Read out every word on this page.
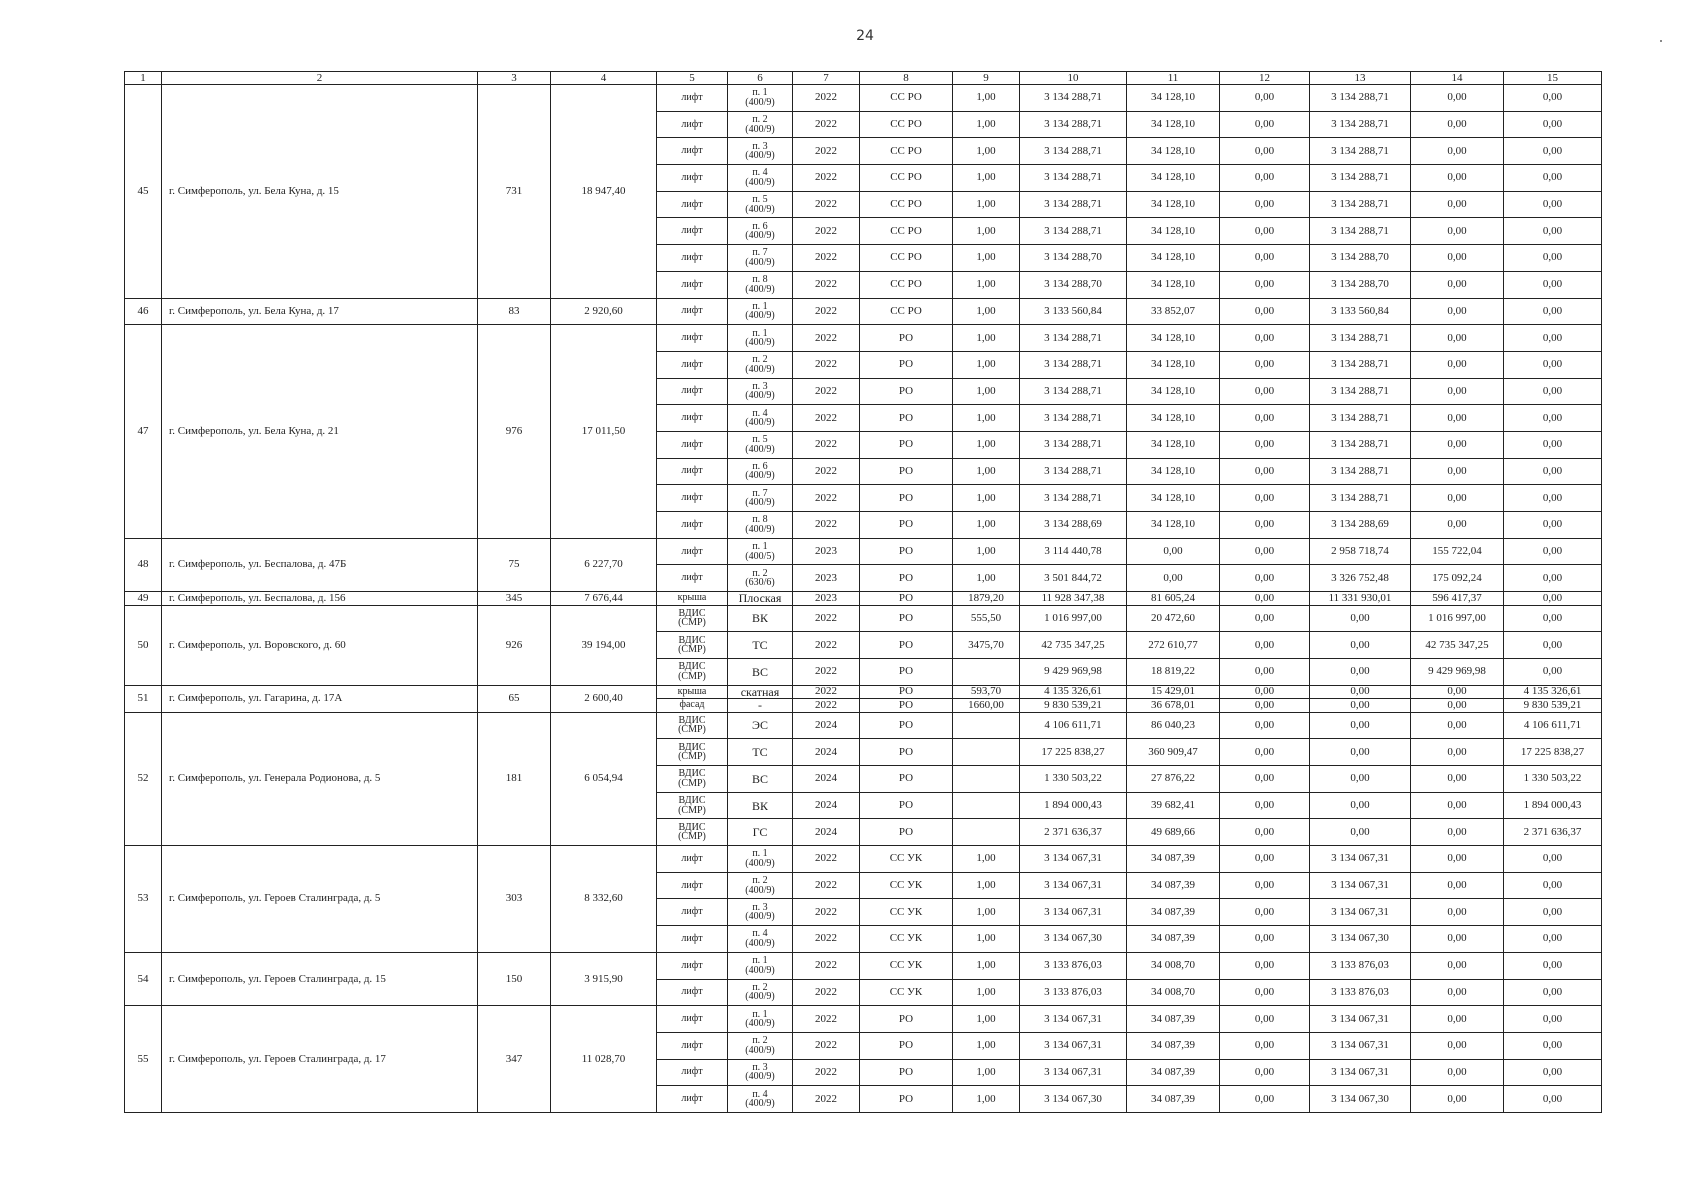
24
1	2	3	4	5	6	7	8	9	10	11	12	13	14	15
45	г. Симферополь, ул. Бела Куна, д. 15	731	18 947,40	лифт	п. 1
(400/9)	2022	СС РО	1,00	3 134 288,71	34 128,10	0,00	3 134 288,71	0,00	0,00
				лифт	п. 2
(400/9)	2022	СС РО	1,00	3 134 288,71	34 128,10	0,00	3 134 288,71	0,00	0,00
				лифт	п. 3
(400/9)	2022	СС РО	1,00	3 134 288,71	34 128,10	0,00	3 134 288,71	0,00	0,00
				лифт	п. 4
(400/9)	2022	СС РО	1,00	3 134 288,71	34 128,10	0,00	3 134 288,71	0,00	0,00
				лифт	п. 5
(400/9)	2022	СС РО	1,00	3 134 288,71	34 128,10	0,00	3 134 288,71	0,00	0,00
				лифт	п. 6
(400/9)	2022	СС РО	1,00	3 134 288,71	34 128,10	0,00	3 134 288,71	0,00	0,00
				лифт	п. 7
(400/9)	2022	СС РО	1,00	3 134 288,70	34 128,10	0,00	3 134 288,70	0,00	0,00
				лифт	п. 8
(400/9)	2022	СС РО	1,00	3 134 288,70	34 128,10	0,00	3 134 288,70	0,00	0,00
46	г. Симферополь, ул. Бела Куна, д. 17	83	2 920,60	лифт	п. 1
(400/9)	2022	СС РО	1,00	3 133 560,84	33 852,07	0,00	3 133 560,84	0,00	0,00
47	г. Симферополь, ул. Бела Куна, д. 21	976	17 011,50	лифт	п. 1
(400/9)	2022	РО	1,00	3 134 288,71	34 128,10	0,00	3 134 288,71	0,00	0,00
				лифт	п. 2
(400/9)	2022	РО	1,00	3 134 288,71	34 128,10	0,00	3 134 288,71	0,00	0,00
				лифт	п. 3
(400/9)	2022	РО	1,00	3 134 288,71	34 128,10	0,00	3 134 288,71	0,00	0,00
				лифт	п. 4
(400/9)	2022	РО	1,00	3 134 288,71	34 128,10	0,00	3 134 288,71	0,00	0,00
				лифт	п. 5
(400/9)	2022	РО	1,00	3 134 288,71	34 128,10	0,00	3 134 288,71	0,00	0,00
				лифт	п. 6
(400/9)	2022	РО	1,00	3 134 288,71	34 128,10	0,00	3 134 288,71	0,00	0,00
				лифт	п. 7
(400/9)	2022	РО	1,00	3 134 288,71	34 128,10	0,00	3 134 288,71	0,00	0,00
				лифт	п. 8
(400/9)	2022	РО	1,00	3 134 288,69	34 128,10	0,00	3 134 288,69	0,00	0,00
48	г. Симферополь, ул. Беспалова, д. 47Б	75	6 227,70	лифт	п. 1
(400/5)	2023	РО	1,00	3 114 440,78	0,00	0,00	2 958 718,74	155 722,04	0,00
				лифт	п. 2
(630/6)	2023	РО	1,00	3 501 844,72	0,00	0,00	3 326 752,48	175 092,24	0,00
49	г. Симферополь, ул. Беспалова, д. 156	345	7 676,44	крыша	Плоская	2023	РО	1879,20	11 928 347,38	81 605,24	0,00	11 331 930,01	596 417,37	0,00
50	г. Симферополь, ул. Воровского, д. 60	926	39 194,00	ВДИС
(СМР)	ВК	2022	РО	555,50	1 016 997,00	20 472,60	0,00	0,00	1 016 997,00	0,00
				ВДИС
(СМР)	ТС	2022	РО	3475,70	42 735 347,25	272 610,77	0,00	0,00	42 735 347,25	0,00
				ВДИС
(СМР)	ВС	2022	РО		9 429 969,98	18 819,22	0,00	0,00	9 429 969,98	0,00
51	г. Симферополь, ул. Гагарина, д. 17А	65	2 600,40	крыша	скатная	2022	РО	593,70	4 135 326,61	15 429,01	0,00	0,00	0,00	4 135 326,61
				фасад	-	2022	РО	1660,00	9 830 539,21	36 678,01	0,00	0,00	0,00	9 830 539,21
52	г. Симферополь, ул. Генерала Родионова, д. 5	181	6 054,94	ВДИС
(СМР)	ЭС	2024	РО		4 106 611,71	86 040,23	0,00	0,00	0,00	4 106 611,71
				ВДИС
(СМР)	ТС	2024	РО		17 225 838,27	360 909,47	0,00	0,00	0,00	17 225 838,27
				ВДИС
(СМР)	ВС	2024	РО		1 330 503,22	27 876,22	0,00	0,00	0,00	1 330 503,22
				ВДИС
(СМР)	ВК	2024	РО		1 894 000,43	39 682,41	0,00	0,00	0,00	1 894 000,43
				ВДИС
(СМР)	ГС	2024	РО		2 371 636,37	49 689,66	0,00	0,00	0,00	2 371 636,37
53	г. Симферополь, ул. Героев Сталинграда, д. 5	303	8 332,60	лифт	п. 1
(400/9)	2022	СС УК	1,00	3 134 067,31	34 087,39	0,00	3 134 067,31	0,00	0,00
				лифт	п. 2
(400/9)	2022	СС УК	1,00	3 134 067,31	34 087,39	0,00	3 134 067,31	0,00	0,00
				лифт	п. 3
(400/9)	2022	СС УК	1,00	3 134 067,31	34 087,39	0,00	3 134 067,31	0,00	0,00
				лифт	п. 4
(400/9)	2022	СС УК	1,00	3 134 067,30	34 087,39	0,00	3 134 067,30	0,00	0,00
54	г. Симферополь, ул. Героев Сталинграда, д. 15	150	3 915,90	лифт	п. 1
(400/9)	2022	СС УК	1,00	3 133 876,03	34 008,70	0,00	3 133 876,03	0,00	0,00
				лифт	п. 2
(400/9)	2022	СС УК	1,00	3 133 876,03	34 008,70	0,00	3 133 876,03	0,00	0,00
55	г. Симферополь, ул. Героев Сталинграда, д. 17	347	11 028,70	лифт	п. 1
(400/9)	2022	РО	1,00	3 134 067,31	34 087,39	0,00	3 134 067,31	0,00	0,00
				лифт	п. 2
(400/9)	2022	РО	1,00	3 134 067,31	34 087,39	0,00	3 134 067,31	0,00	0,00
				лифт	п. 3
(400/9)	2022	РО	1,00	3 134 067,31	34 087,39	0,00	3 134 067,31	0,00	0,00
				лифт	п. 4
(400/9)	2022	РО	1,00	3 134 067,30	34 087,39	0,00	3 134 067,30	0,00	0,00
